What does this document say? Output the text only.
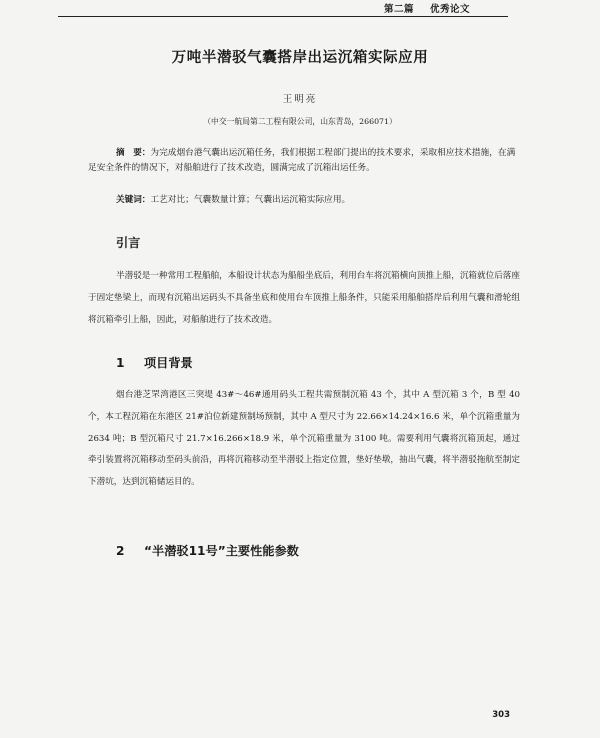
第二篇 优秀论文
万吨半潜驳气囊搭岸出运沉箱实际应用
王明亮
（中交一航局第二工程有限公司，山东青岛，266071）

摘　要：为完成烟台港气囊出运沉箱任务，我们根据工程部门提出的技术要求，采取相应技术措施，在满足安全条件的情况下，对船舶进行了技术改造，圆满完成了沉箱出运任务。

关键词：工艺对比；气囊数量计算；气囊出运沉箱实际应用。
引言

半潜驳是一种常用工程船舶，本船设计状态为船船坐底后，利用台车将沉箱横向顶推上船，沉箱就位后落座于固定垫梁上，而现有沉箱出运码头不具备坐底和使用台车顶推上船条件，只能采用船舶搭岸后利用气囊和滑轮组将沉箱牵引上船，因此，对船舶进行了技术改造。

1 项目背景

烟台港芝罘湾港区三突堤 43#～46#通用码头工程共需预制沉箱 43 个，其中 A 型沉箱 3 个，B 型 40 个，本工程沉箱在东港区 21#泊位新建预制场预制，其中 A 型尺寸为 22.66×14.24×16.6 米，单个沉箱重量为 2634 吨；B 型沉箱尺寸 21.7×16.266×18.9 米，单个沉箱重量为 3100 吨。需要利用气囊将沉箱顶起，通过牵引装置将沉箱移动至码头前沿，再将沉箱移动至半潜驳上指定位置，垫好垫墩，抽出气囊，将半潜驳拖航至制定下潜坑，达到沉箱储运目的。

2 “半潜驳11号”主要性能参数
303
